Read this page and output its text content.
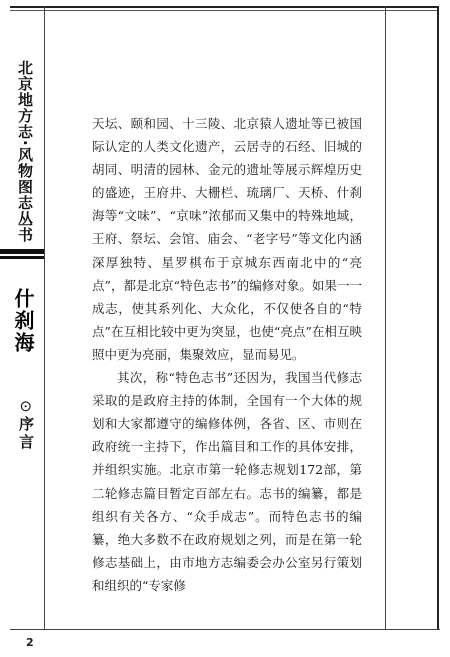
北京地方志·风物图志丛书
什刹海
⊙序言

天坛、颐和园、十三陵、北京猿人遗址等已被国际认定的人类文化遗产，云居寺的石经、旧城的胡同、明清的园林、金元的遗址等展示辉煌历史的盛迹，王府井、大栅栏、琉璃厂、天桥、什刹海等“文味”、“京味”浓郁而又集中的特殊地域，王府、祭坛、会馆、庙会、“老字号”等文化内涵深厚独特、星罗棋布于京城东西南北中的“亮点”，都是北京“特色志书”的编修对象。如果一一成志，使其系列化、大众化，不仅使各自的“特点”在互相比较中更为突显，也使“亮点”在相互映照中更为亮丽，集聚效应，显而易见。

其次，称“特色志书”还因为，我国当代修志采取的是政府主持的体制，全国有一个大体的规划和大家都遵守的编修体例，各省、区、市则在政府统一主持下，作出篇目和工作的具体安排，并组织实施。北京市第一轮修志规划172部，第二轮修志篇目暂定百部左右。志书的编纂，都是组织有关各方、“众手成志”。而特色志书的编纂，绝大多数不在政府规划之列，而是在第一轮修志基础上，由市地方志编委会办公室另行策划和组织的“专家修

2
